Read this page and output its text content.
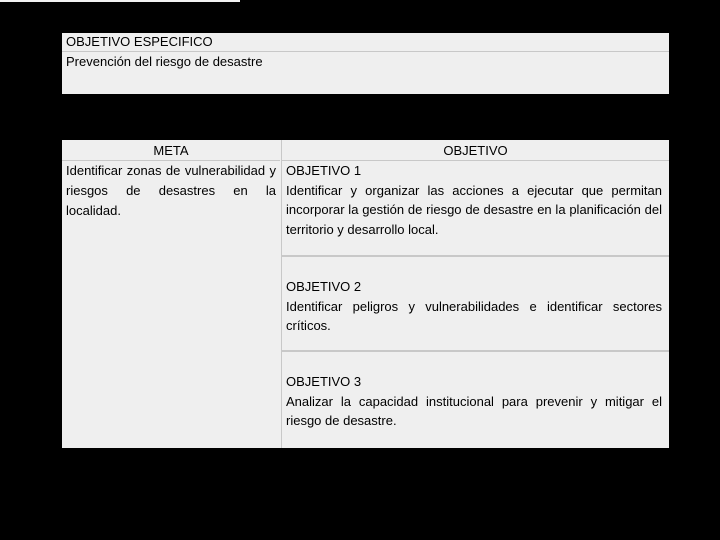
OBJETIVO ESPECIFICO
Prevención del riesgo de desastre
META	OBJETIVO
Identificar zonas de vulnerabilidad y riesgos de desastres en la localidad.
OBJETIVO 1
Identificar y organizar las acciones a ejecutar que permitan incorporar la gestión de riesgo de desastre en la planificación del territorio y desarrollo local.
OBJETIVO 2
Identificar peligros y vulnerabilidades e identificar sectores críticos.
OBJETIVO 3
Analizar la capacidad institucional para prevenir y mitigar el riesgo de desastre.
